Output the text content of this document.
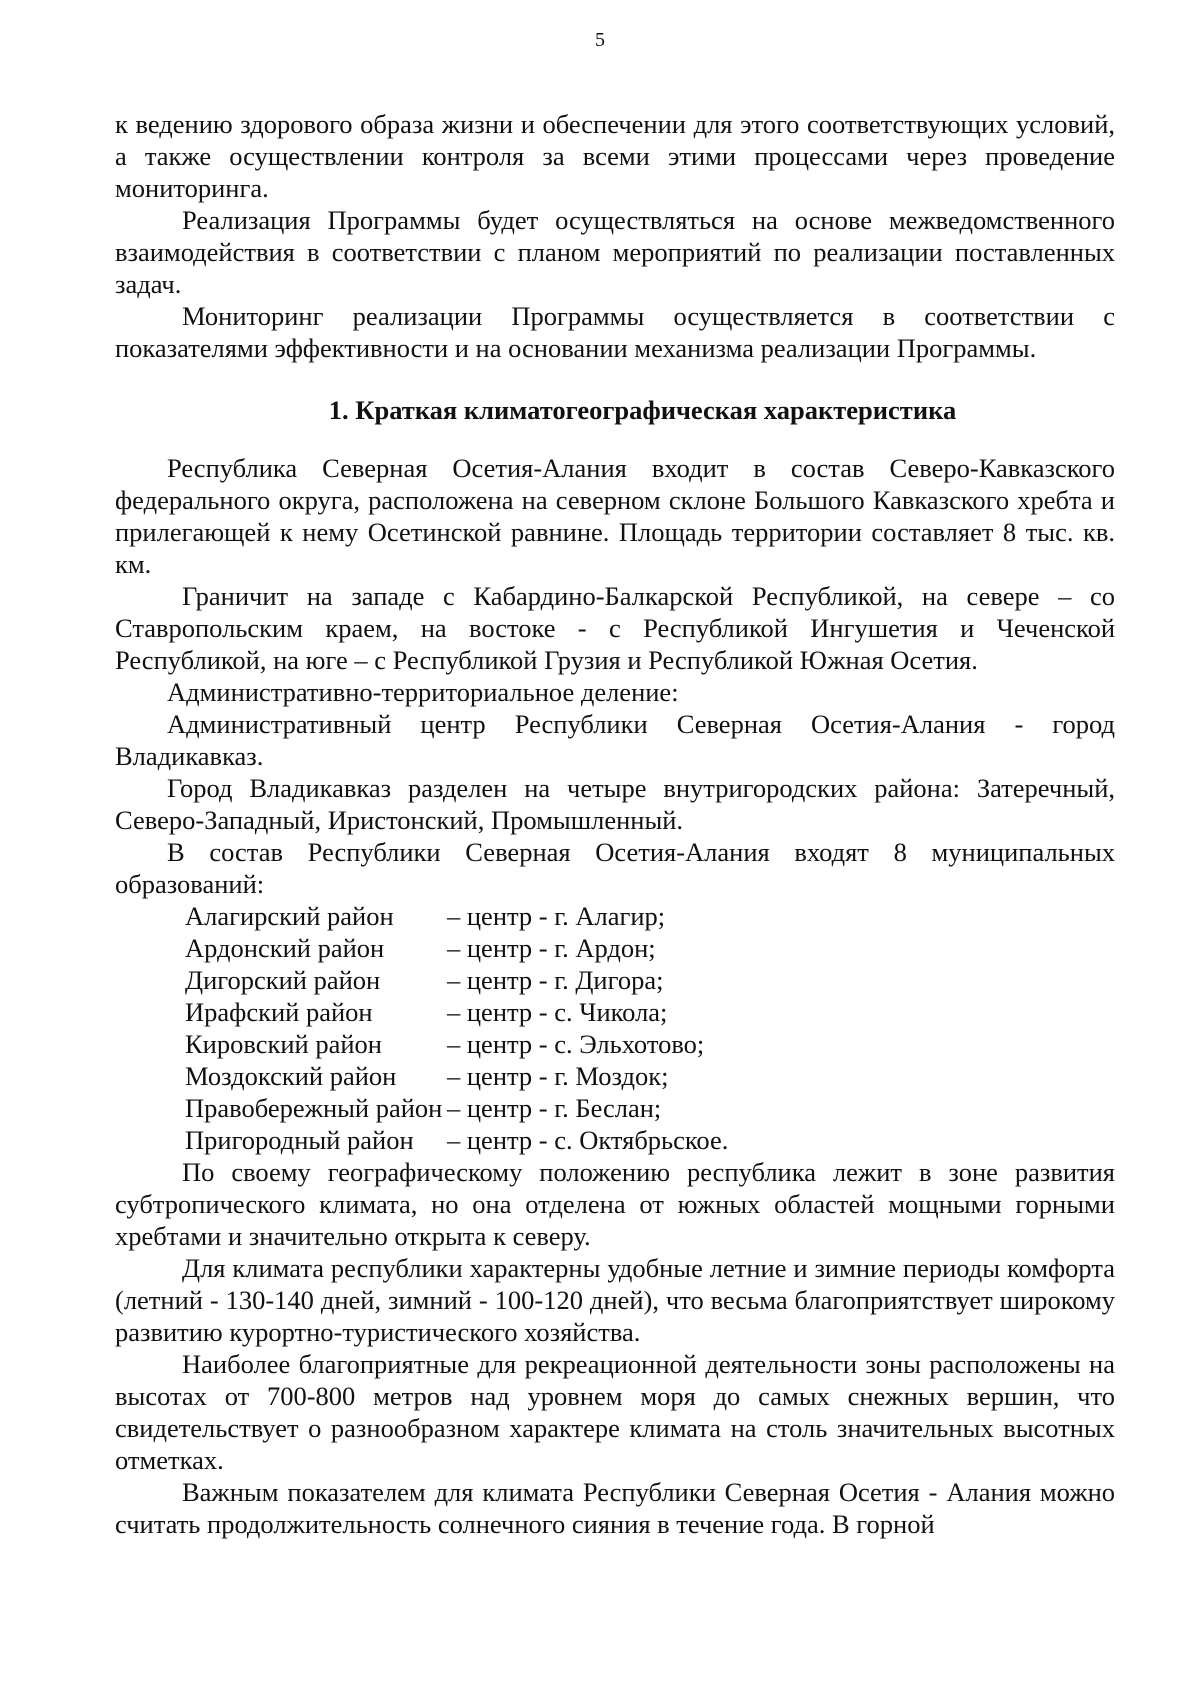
5

к ведению здорового образа жизни и обеспечении для этого соответствующих условий, а также осуществлении контроля за всеми этими процессами через проведение мониторинга.

Реализация Программы будет осуществляться на основе межведомственного взаимодействия в соответствии с планом мероприятий по реализации поставленных задач.

Мониторинг реализации Программы осуществляется в соответствии с показателями эффективности и на основании механизма реализации Программы.

1. Краткая климатогеографическая характеристика

Республика Северная Осетия-Алания входит в состав Северо-Кавказского федерального округа, расположена на северном склоне Большого Кавказского хребта и прилегающей к нему Осетинской равнине. Площадь территории составляет 8 тыс. кв. км.

Граничит на западе с Кабардино-Балкарской Республикой, на севере – со Ставропольским краем, на востоке - с Республикой Ингушетия и Чеченской Республикой, на юге – с Республикой Грузия и Республикой Южная Осетия.

Административно-территориальное деление:

Административный центр Республики Северная Осетия-Алания - город Владикавказ.

Город Владикавказ разделен на четыре внутригородских района: Затеречный, Северо-Западный, Иристонский, Промышленный.

В состав Республики Северная Осетия-Алания входят 8 муниципальных образований:

Алагирский район	– центр - г. Алагир;
Ардонский район	– центр - г. Ардон;
Дигорский район	– центр - г. Дигора;
Ирафский район	– центр - с. Чикола;
Кировский район	– центр - с. Эльхотово;
Моздокский район	– центр - г. Моздок;
Правобережный район – центр - г. Беслан;
Пригородный район	– центр - с. Октябрьское.

По своему географическому положению республика лежит в зоне развития субтропического климата, но она отделена от южных областей мощными горными хребтами и значительно открыта к северу.

Для климата республики характерны удобные летние и зимние периоды комфорта (летний - 130-140 дней, зимний - 100-120 дней), что весьма благоприятствует широкому развитию курортно-туристического хозяйства.

Наиболее благоприятные для рекреационной деятельности зоны расположены на высотах от 700-800 метров над уровнем моря до самых снежных вершин, что свидетельствует о разнообразном характере климата на столь значительных высотных отметках.

Важным показателем для климата Республики Северная Осетия - Алания можно считать продолжительность солнечного сияния в течение года. В горной
